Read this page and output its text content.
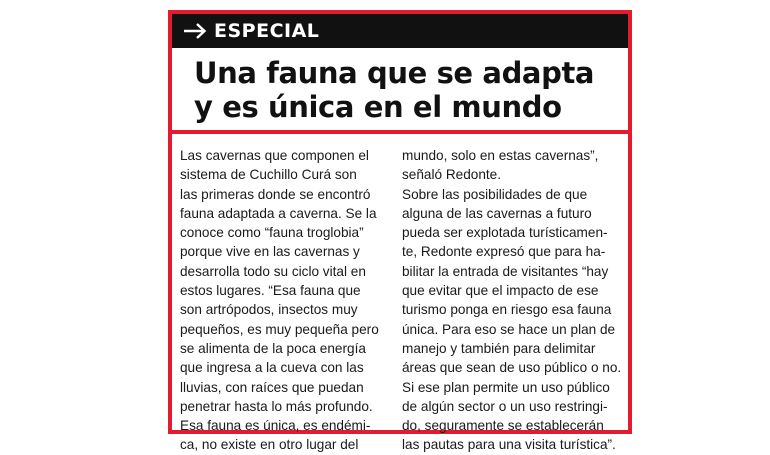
ESPECIAL
Una fauna que se adapta
y es única en el mundo
Las cavernas que componen el
sistema de Cuchillo Curá son
las primeras donde se encontró
fauna adaptada a caverna. Se la
conoce como “fauna troglobia”
porque vive en las cavernas y
desarrolla todo su ciclo vital en
estos lugares. “Esa fauna que
son artrópodos, insectos muy
pequeños, es muy pequeña pero
se alimenta de la poca energía
que ingresa a la cueva con las
lluvias, con raíces que puedan
penetrar hasta lo más profundo.
Esa fauna es única, es endémi-
ca, no existe en otro lugar del
mundo, solo en estas cavernas”,
señaló Redonte.
Sobre las posibilidades de que
alguna de las cavernas a futuro
pueda ser explotada turísticamen-
te, Redonte expresó que para ha-
bilitar la entrada de visitantes “hay
que evitar que el impacto de ese
turismo ponga en riesgo esa fauna
única. Para eso se hace un plan de
manejo y también para delimitar
áreas que sean de uso público o no.
Si ese plan permite un uso público
de algún sector o un uso restringi-
do, seguramente se establecerán
las pautas para una visita turística”.
